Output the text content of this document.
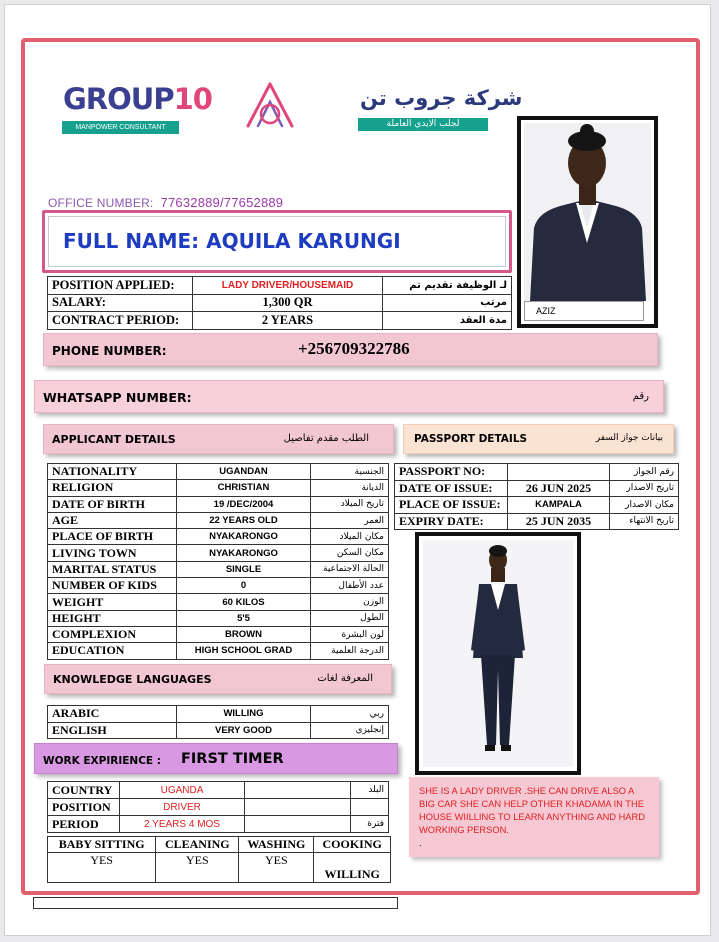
GROUP10
MANPOWER CONSULTANT
شركة جروب تن
لجلب الايدي العاملة
AZIZ
OFFICE NUMBER: 77632889/77652889
FULL NAME: AQUILA KARUNGI
POSITION APPLIED:	LADY DRIVER/HOUSEMAID	لـ الوظيفة تقديم تم
SALARY:	1,300 QR	مرتب
CONTRACT PERIOD:	2 YEARS	مدة العقد
PHONE NUMBER:	+256709322786
WHATSAPP NUMBER:	رقم
APPLICANT DETAILS	الطلب مقدم تفاصيل	PASSPORT DETAILS	بيانات جواز السفر
NATIONALITY	UGANDAN	الجنسية
RELIGION	CHRISTIAN	الديانة
DATE OF BIRTH	19 /DEC/2004	تاريخ الميلاد
AGE	22 YEARS OLD	العمر
PLACE OF BIRTH	NYAKARONGO	مكان الميلاد
LIVING TOWN	NYAKARONGO	مكان السكن
MARITAL STATUS	SINGLE	الحالة الاجتماعية
NUMBER OF KIDS	0	عدد الأطفال
WEIGHT	60 KILOS	الوزن
HEIGHT	5'5	الطول
COMPLEXION	BROWN	لون البشرة
EDUCATION	HIGH SCHOOL GRAD	الدرجة العلمية
PASSPORT NO:		رقم الجواز
DATE OF ISSUE:	26 JUN 2025	تاريخ الاصدار
PLACE OF ISSUE:	KAMPALA	مكان الاصدار
EXPIRY DATE:	25 JUN 2035	تاريخ الانتهاء
KNOWLEDGE LANGUAGES	المعرفة لغات
ARABIC	WILLING	ربي
ENGLISH	VERY GOOD	إنجليزي
WORK EXPIRIENCE : FIRST TIMER
COUNTRY	UGANDA		البلد
POSITION	DRIVER		
PERIOD	2 YEARS 4 MOS		فترة
BABY SITTING	CLEANING	WASHING	COOKING
YES	YES	YES	WILLING
SHE IS A LADY DRIVER .SHE CAN DRIVE ALSO A BIG CAR SHE CAN HELP OTHER KHADAMA IN THE HOUSE WIILLING TO LEARN ANYTHING AND HARD WORKING PERSON.
.
